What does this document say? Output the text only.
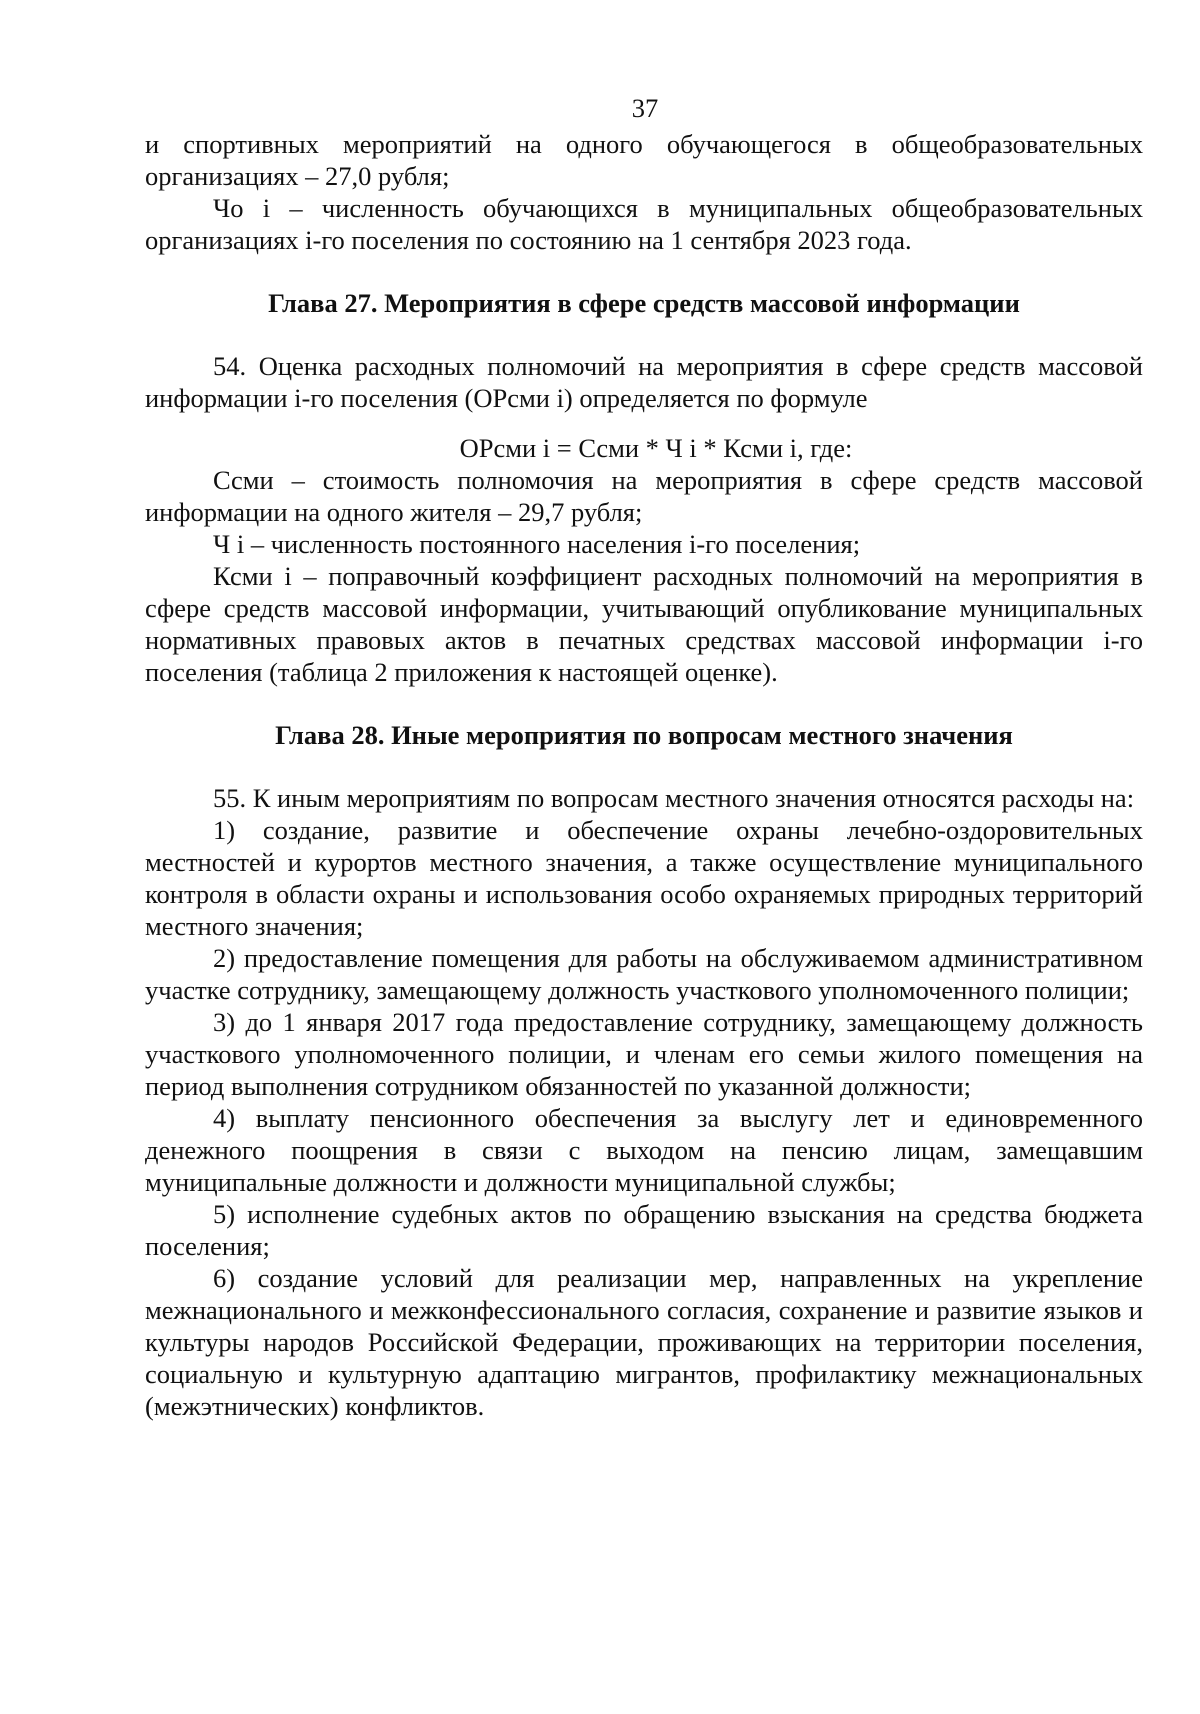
37

и спортивных мероприятий на одного обучающегося в общеобразовательных организациях – 27,0 рубля;

Чо i – численность обучающихся в муниципальных общеобразовательных организациях i-го поселения по состоянию на 1 сентября 2023 года.

Глава 27. Мероприятия в сфере средств массовой информации

54. Оценка расходных полномочий на мероприятия в сфере средств массовой информации i-го поселения (ОРсми i) определяется по формуле

ОРсми i = Ссми * Ч i * Ксми i, где:

Ссми – стоимость полномочия на мероприятия в сфере средств массовой информации на одного жителя – 29,7 рубля;

Ч i – численность постоянного населения i-го поселения;

Ксми i – поправочный коэффициент расходных полномочий на мероприятия в сфере средств массовой информации, учитывающий опубликование муниципальных нормативных правовых актов в печатных средствах массовой информации i-го поселения (таблица 2 приложения к настоящей оценке).

Глава 28. Иные мероприятия по вопросам местного значения

55. К иным мероприятиям по вопросам местного значения относятся расходы на:

1) создание, развитие и обеспечение охраны лечебно-оздоровительных местностей и курортов местного значения, а также осуществление муниципального контроля в области охраны и использования особо охраняемых природных территорий местного значения;

2) предоставление помещения для работы на обслуживаемом административном участке сотруднику, замещающему должность участкового уполномоченного полиции;

3) до 1 января 2017 года предоставление сотруднику, замещающему должность участкового уполномоченного полиции, и членам его семьи жилого помещения на период выполнения сотрудником обязанностей по указанной должности;

4) выплату пенсионного обеспечения за выслугу лет и единовременного денежного поощрения в связи с выходом на пенсию лицам, замещавшим муниципальные должности и должности муниципальной службы;

5) исполнение судебных актов по обращению взыскания на средства бюджета поселения;

6) создание условий для реализации мер, направленных на укрепление межнационального и межконфессионального согласия, сохранение и развитие языков и культуры народов Российской Федерации, проживающих на территории поселения, социальную и культурную адаптацию мигрантов, профилактику межнациональных (межэтнических) конфликтов.
